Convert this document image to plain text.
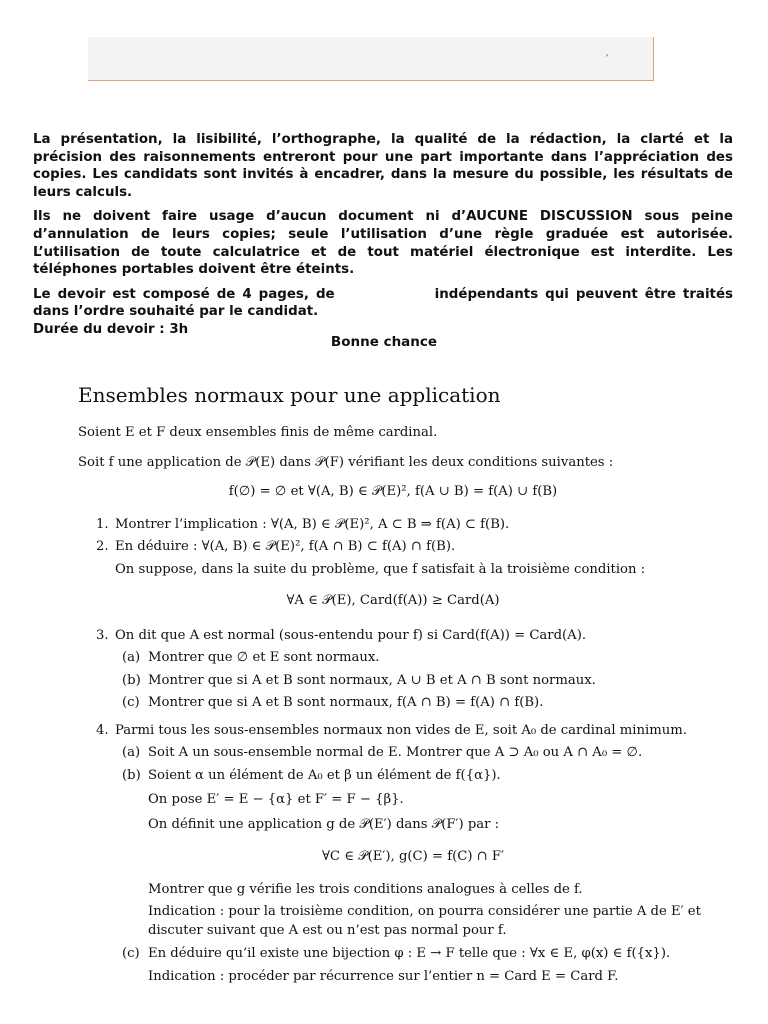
´

La présentation, la lisibilité, l’orthographe, la qualité de la rédaction, la clarté et la précision des raisonnements entreront pour une part importante dans l’appréciation des copies. Les candidats sont invités à encadrer, dans la mesure du possible, les résultats de leurs calculs.

Ils ne doivent faire usage d’aucun document ni d’AUCUNE DISCUSSION sous peine d’annulation de leurs copies; seule l’utilisation d’une règle graduée est autorisée. L’utilisation de toute calculatrice et de tout matériel électronique est interdite. Les téléphones portables doivent être éteints.

Le devoir est composé de 4 pages, de	indépendants qui peuvent être traités dans l’ordre souhaité par le candidat.

Durée du devoir : 3h

Bonne chance
Ensembles normaux pour une application
Soient E et F deux ensembles finis de même cardinal.
Soit f une application de 𝒫(E) dans 𝒫(F) vérifiant les deux conditions suivantes :
f(∅) = ∅ et ∀(A, B) ∈ 𝒫(E)², f(A ∪ B) = f(A) ∪ f(B)
1. Montrer l’implication : ∀(A, B) ∈ 𝒫(E)², A ⊂ B ⇒ f(A) ⊂ f(B).
2. En déduire : ∀(A, B) ∈ 𝒫(E)², f(A ∩ B) ⊂ f(A) ∩ f(B).
On suppose, dans la suite du problème, que f satisfait à la troisième condition :
∀A ∈ 𝒫(E), Card(f(A)) ≥ Card(A)
3. On dit que A est normal (sous-entendu pour f) si Card(f(A)) = Card(A).
(a) Montrer que ∅ et E sont normaux.
(b) Montrer que si A et B sont normaux, A ∪ B et A ∩ B sont normaux.
(c) Montrer que si A et B sont normaux, f(A ∩ B) = f(A) ∩ f(B).
4. Parmi tous les sous-ensembles normaux non vides de E, soit A₀ de cardinal minimum.
(a) Soit A un sous-ensemble normal de E. Montrer que A ⊃ A₀ ou A ∩ A₀ = ∅.
(b) Soient α un élément de A₀ et β un élément de f({α}).
On pose E′ = E − {α} et F′ = F − {β}.
On définit une application g de 𝒫(E′) dans 𝒫(F′) par :
∀C ∈ 𝒫(E′), g(C) = f(C) ∩ F′
Montrer que g vérifie les trois conditions analogues à celles de f.
Indication : pour la troisième condition, on pourra considérer une partie A de E′ et discuter suivant que A est ou n’est pas normal pour f.
(c) En déduire qu’il existe une bijection φ : E → F telle que : ∀x ∈ E, φ(x) ∈ f({x}).
Indication : procéder par récurrence sur l’entier n = Card E = Card F.
